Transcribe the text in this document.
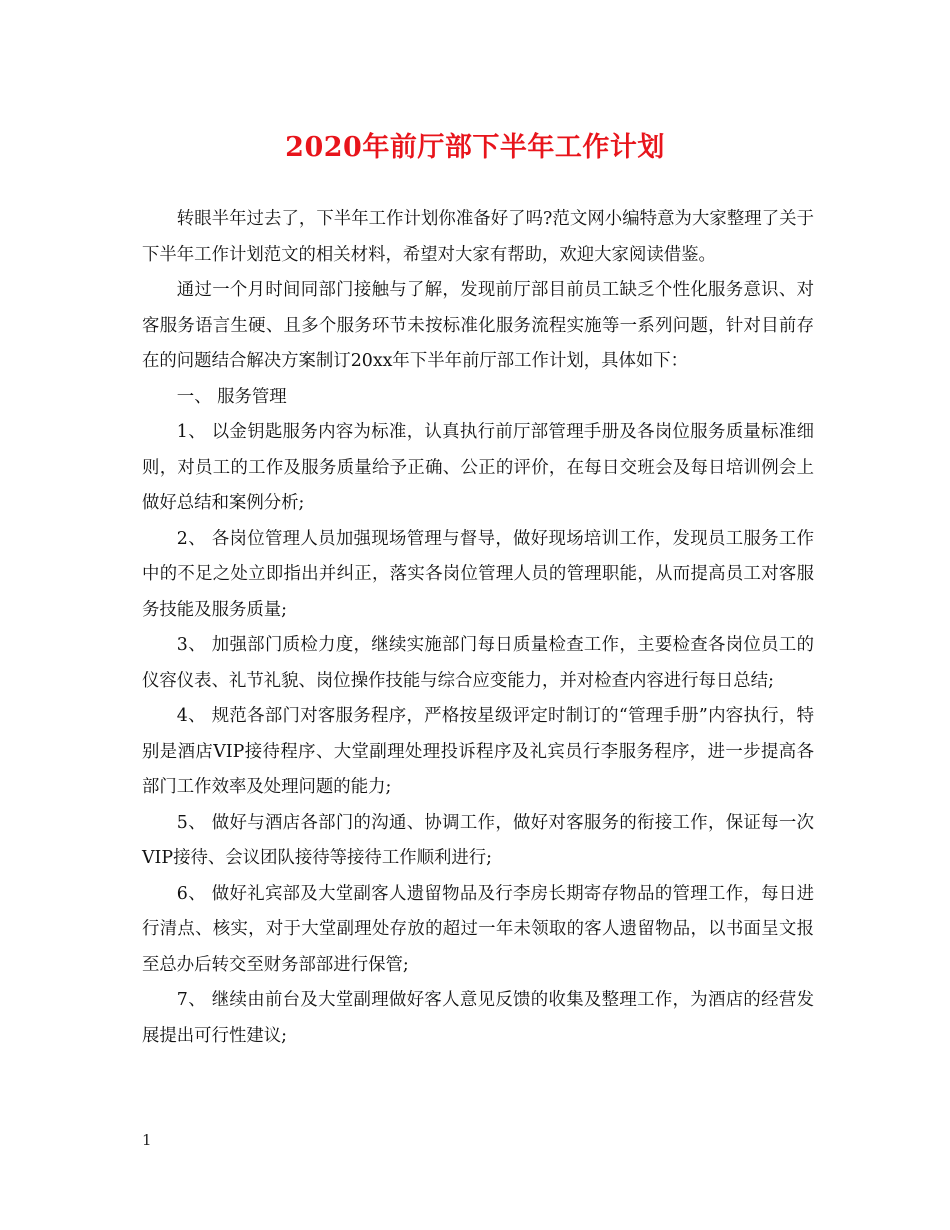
2020年前厅部下半年工作计划

转眼半年过去了，下半年工作计划你准备好了吗?范文网小编特意为大家整理了关于下半年工作计划范文的相关材料，希望对大家有帮助，欢迎大家阅读借鉴。

通过一个月时间同部门接触与了解，发现前厅部目前员工缺乏个性化服务意识、对客服务语言生硬、且多个服务环节未按标准化服务流程实施等一系列问题，针对目前存在的问题结合解决方案制订20xx年下半年前厅部工作计划，具体如下：

一、 服务管理

1、 以金钥匙服务内容为标准，认真执行前厅部管理手册及各岗位服务质量标准细则，对员工的工作及服务质量给予正确、公正的评价，在每日交班会及每日培训例会上做好总结和案例分析;

2、 各岗位管理人员加强现场管理与督导，做好现场培训工作，发现员工服务工作中的不足之处立即指出并纠正，落实各岗位管理人员的管理职能，从而提高员工对客服务技能及服务质量;

3、 加强部门质检力度，继续实施部门每日质量检查工作，主要检查各岗位员工的仪容仪表、礼节礼貌、岗位操作技能与综合应变能力，并对检查内容进行每日总结;

4、 规范各部门对客服务程序，严格按星级评定时制订的“管理手册”内容执行，特别是酒店VIP接待程序、大堂副理处理投诉程序及礼宾员行李服务程序，进一步提高各部门工作效率及处理问题的能力;

5、 做好与酒店各部门的沟通、协调工作，做好对客服务的衔接工作，保证每一次VIP接待、会议团队接待等接待工作顺利进行;

6、 做好礼宾部及大堂副客人遗留物品及行李房长期寄存物品的管理工作，每日进行清点、核实，对于大堂副理处存放的超过一年未领取的客人遗留物品，以书面呈文报至总办后转交至财务部部进行保管;

7、 继续由前台及大堂副理做好客人意见反馈的收集及整理工作，为酒店的经营发展提出可行性建议;

1
